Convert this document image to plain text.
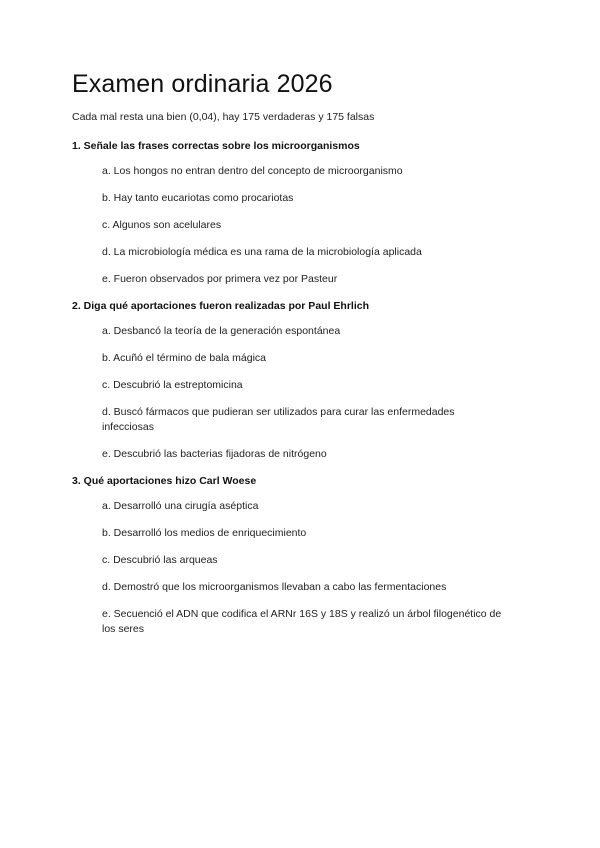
Examen ordinaria 2026
Cada mal resta una bien (0,04), hay 175 verdaderas y 175 falsas
1. Señale las frases correctas sobre los microorganismos
a. Los hongos no entran dentro del concepto de microorganismo
b. Hay tanto eucariotas como procariotas
c. Algunos son acelulares
d. La microbiología médica es una rama de la microbiología aplicada
e. Fueron observados por primera vez por Pasteur
2. Diga qué aportaciones fueron realizadas por Paul Ehrlich
a. Desbancó la teoría de la generación espontánea
b. Acuñó el término de bala mágica
c. Descubrió la estreptomicina
d. Buscó fármacos que pudieran ser utilizados para curar las enfermedades infecciosas
e. Descubrió las bacterias fijadoras de nitrógeno
3. Qué aportaciones hizo Carl Woese
a. Desarrolló una cirugía aséptica
b. Desarrolló los medios de enriquecimiento
c. Descubrió las arqueas
d. Demostró que los microorganismos llevaban a cabo las fermentaciones
e. Secuenció el ADN que codifica el ARNr 16S y 18S y realizó un árbol filogenético de los seres
